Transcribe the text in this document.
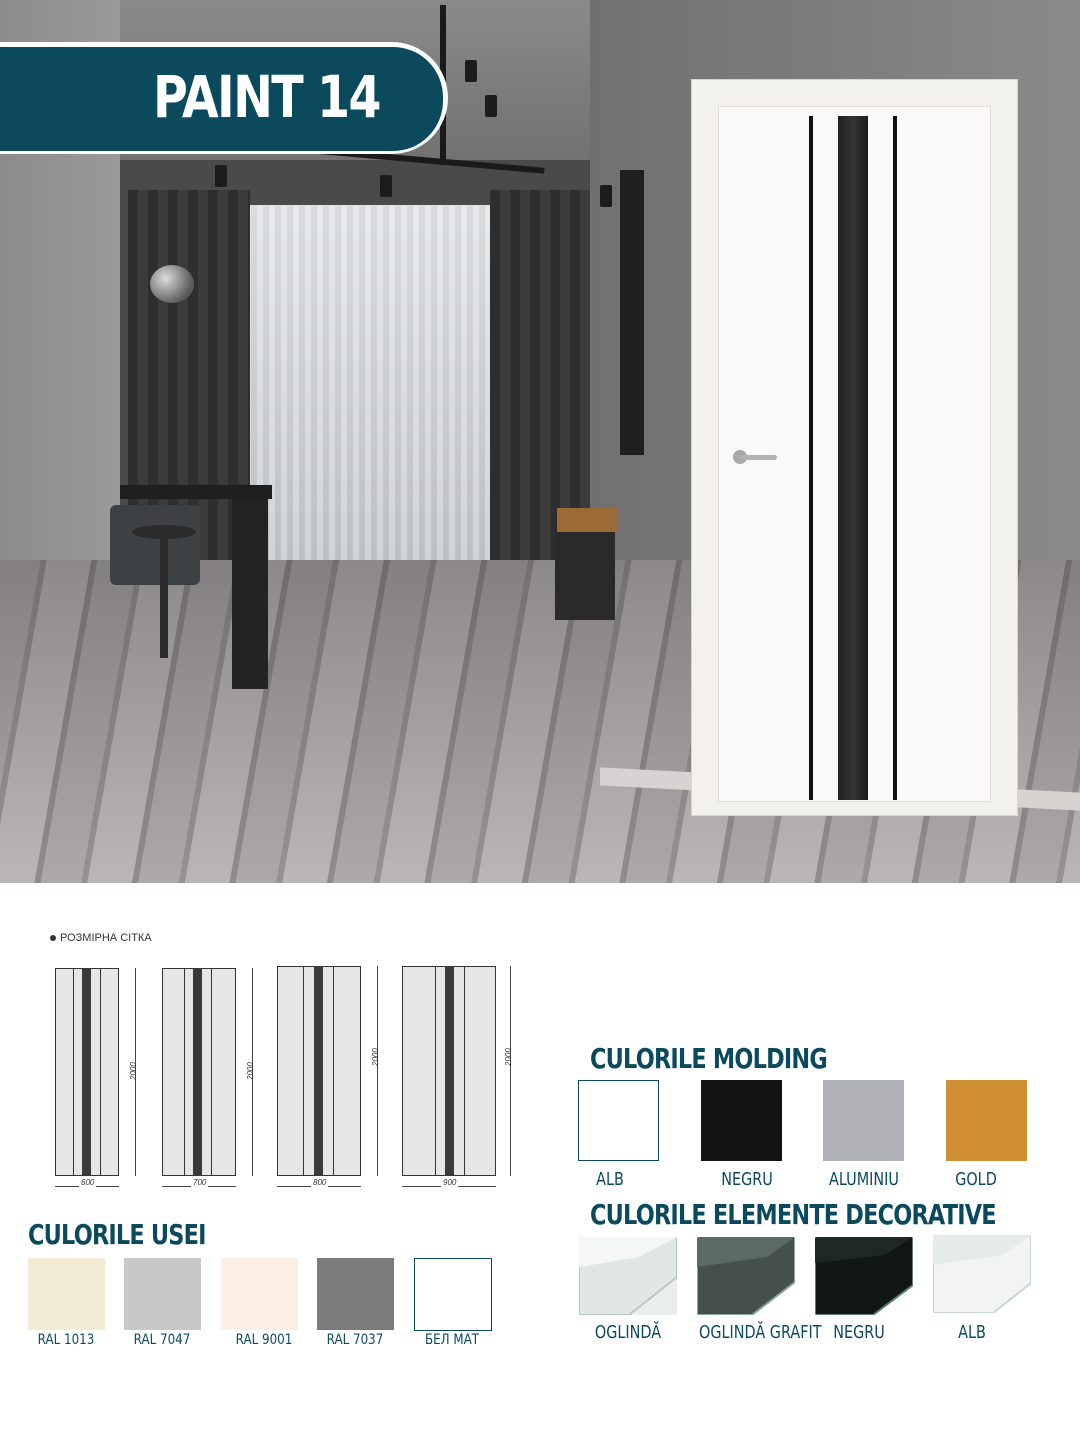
PAINT 14
РОЗМІРНА СІТКА
2000
600
2000
700
2000
800
2000
900
CULORILE USEI
RAL 1013	RAL 7047	RAL 9001	RAL 7037	БЕЛ МАТ
CULORILE MOLDING
ALB	NEGRU	ALUMINIU	GOLD
CULORILE ELEMENTE DECORATIVE
OGLINDĂ	OGLINDĂ GRAFIT NEGRU	ALB
